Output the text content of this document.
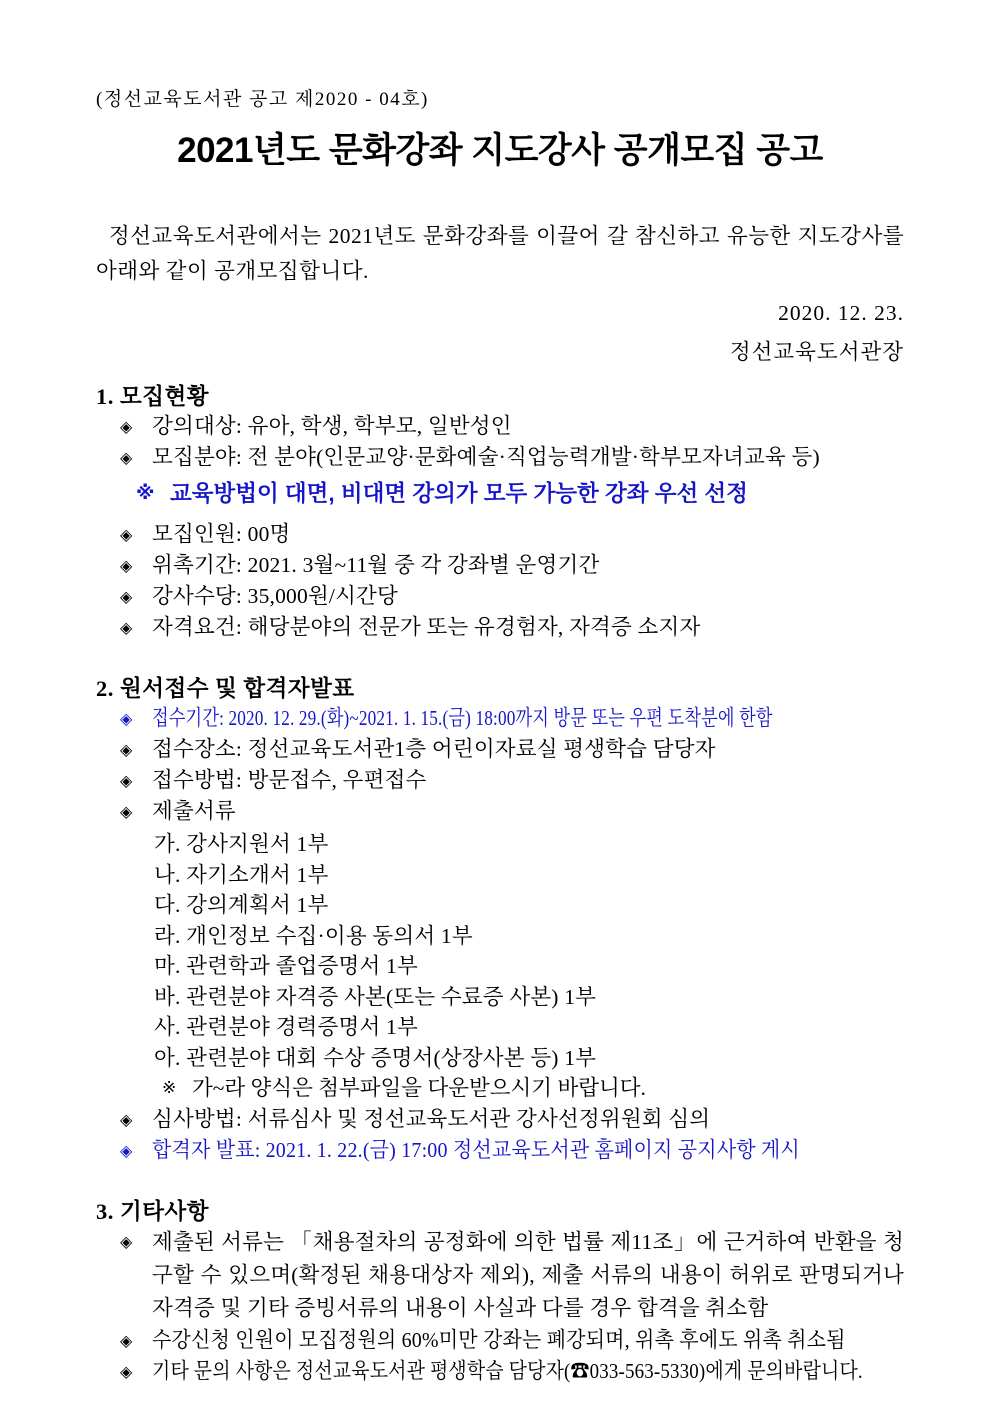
(정선교육도서관 공고 제2020 - 04호)
2021년도 문화강좌 지도강사 공개모집 공고
정선교육도서관에서는 2021년도 문화강좌를 이끌어 갈 참신하고 유능한 지도강사를 아래와 같이 공개모집합니다.
2020. 12. 23.
정선교육도서관장
1. 모집현황
◈ 강의대상: 유아, 학생, 학부모, 일반성인
◈ 모집분야: 전 분야(인문교양·문화예술·직업능력개발·학부모자녀교육 등)
※ 교육방법이 대면, 비대면 강의가 모두 가능한 강좌 우선 선정
◈ 모집인원: 00명
◈ 위촉기간: 2021. 3월~11월 중 각 강좌별 운영기간
◈ 강사수당: 35,000원/시간당
◈ 자격요건: 해당분야의 전문가 또는 유경험자, 자격증 소지자
2. 원서접수 및 합격자발표
◈ 접수기간: 2020. 12. 29.(화)~2021. 1. 15.(금) 18:00까지 방문 또는 우편 도착분에 한함
◈ 접수장소: 정선교육도서관1층 어린이자료실 평생학습 담당자
◈ 접수방법: 방문접수, 우편접수
◈ 제출서류
가. 강사지원서 1부
나. 자기소개서 1부
다. 강의계획서 1부
라. 개인정보 수집·이용 동의서 1부
마. 관련학과 졸업증명서 1부
바. 관련분야 자격증 사본(또는 수료증 사본) 1부
사. 관련분야 경력증명서 1부
아. 관련분야 대회 수상 증명서(상장사본 등) 1부
※ 가~라 양식은 첨부파일을 다운받으시기 바랍니다.
◈ 심사방법: 서류심사 및 정선교육도서관 강사선정위원회 심의
◈ 합격자 발표: 2021. 1. 22.(금) 17:00 정선교육도서관 홈페이지 공지사항 게시
3. 기타사항
◈ 제출된 서류는 「채용절차의 공정화에 의한 법률 제11조」에 근거하여 반환을 청구할 수 있으며(확정된 채용대상자 제외), 제출 서류의 내용이 허위로 판명되거나 자격증 및 기타 증빙서류의 내용이 사실과 다를 경우 합격을 취소함
◈ 수강신청 인원이 모집정원의 60%미만 강좌는 폐강되며, 위촉 후에도 위촉 취소됨
◈ 기타 문의 사항은 정선교육도서관 평생학습 담당자(☎033-563-5330)에게 문의바랍니다.
